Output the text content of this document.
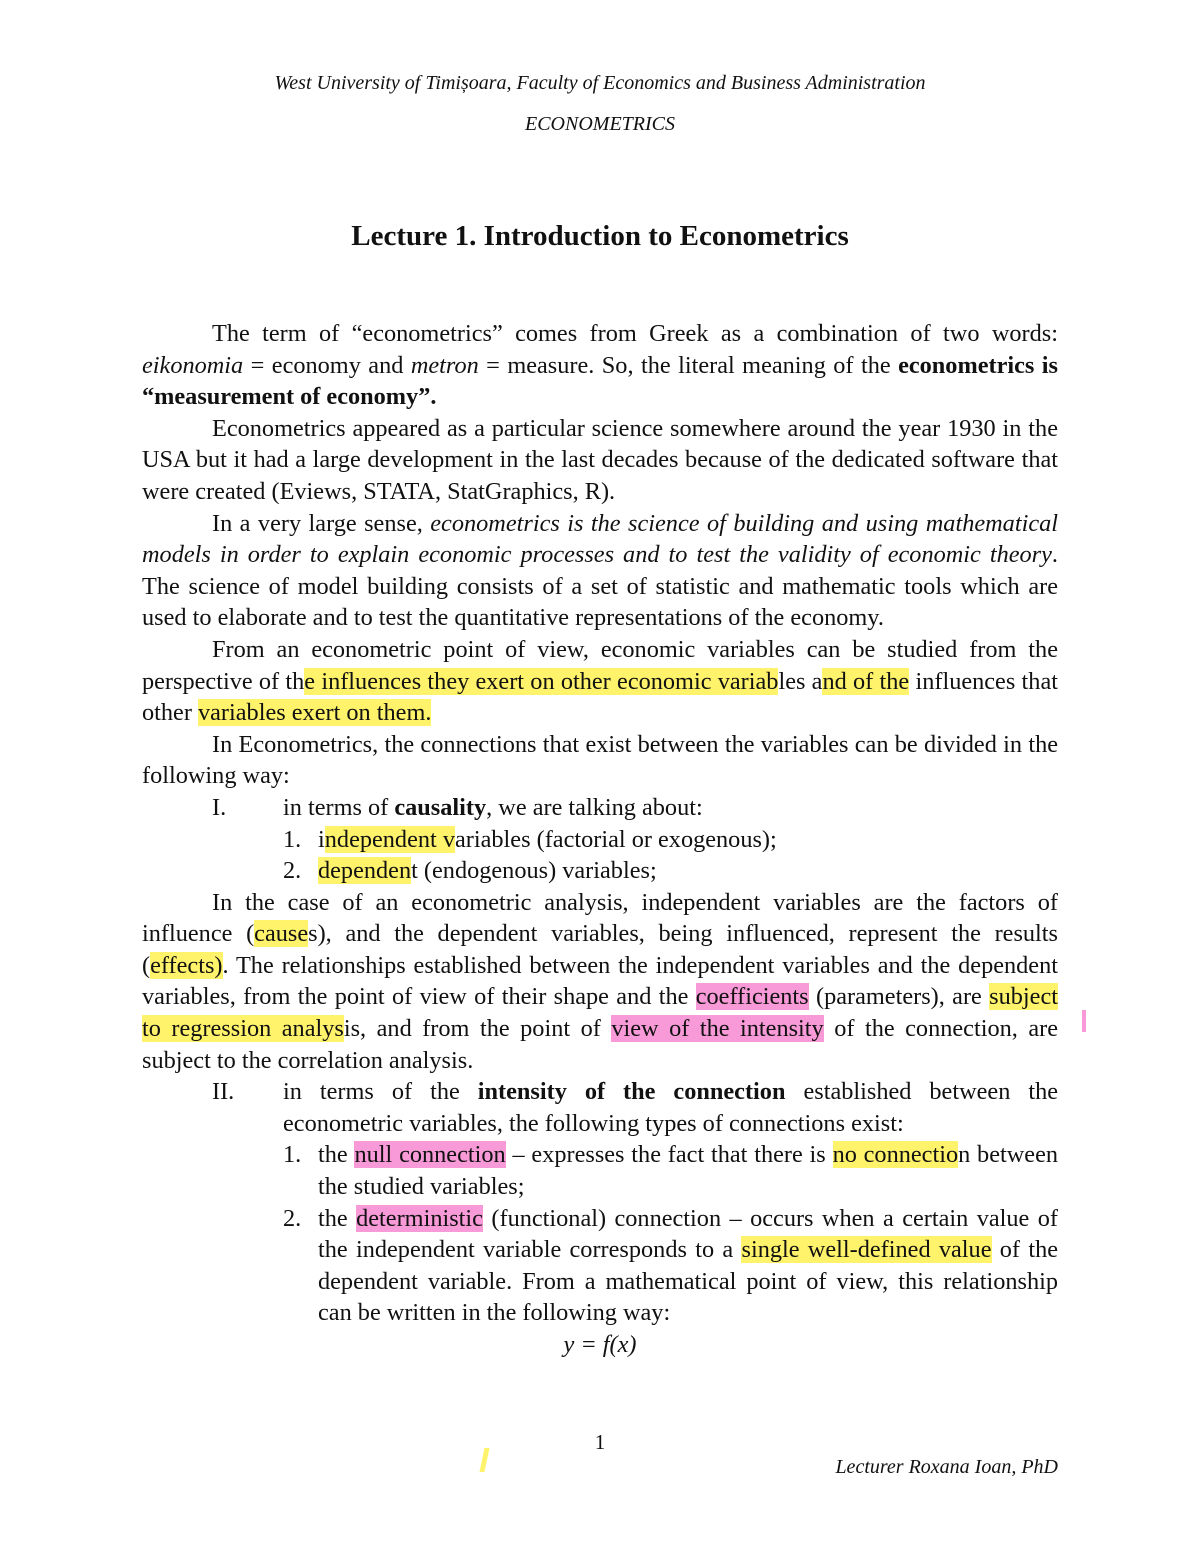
West University of Timișoara, Faculty of Economics and Business Administration
ECONOMETRICS
Lecture 1. Introduction to Econometrics

The term of “econometrics” comes from Greek as a combination of two words: eikonomia = economy and metron = measure. So, the literal meaning of the econometrics is “measurement of economy”.

Econometrics appeared as a particular science somewhere around the year 1930 in the USA but it had a large development in the last decades because of the dedicated software that were created (Eviews, STATA, StatGraphics, R).

In a very large sense, econometrics is the science of building and using mathematical models in order to explain economic processes and to test the validity of economic theory. The science of model building consists of a set of statistic and mathematic tools which are used to elaborate and to test the quantitative representations of the economy.

From an econometric point of view, economic variables can be studied from the perspective of the influences they exert on other economic variables and of the influences that other variables exert on them.

In Econometrics, the connections that exist between the variables can be divided in the following way:

I. in terms of causality, we are talking about:

1. independent variables (factorial or exogenous);

2. dependent (endogenous) variables;

In the case of an econometric analysis, independent variables are the factors of influence (causes), and the dependent variables, being influenced, represent the results (effects). The relationships established between the independent variables and the dependent variables, from the point of view of their shape and the coefficients (parameters), are subject to regression analysis, and from the point of view of the intensity of the connection, are subject to the correlation analysis.

II. in terms of the intensity of the connection established between the econometric variables, the following types of connections exist:

1. the null connection – expresses the fact that there is no connection between the studied variables;

2. the deterministic (functional) connection – occurs when a certain value of the independent variable corresponds to a single well-defined value of the dependent variable. From a mathematical point of view, this relationship can be written in the following way:

y = f(x)

1
Lecturer Roxana Ioan, PhD
